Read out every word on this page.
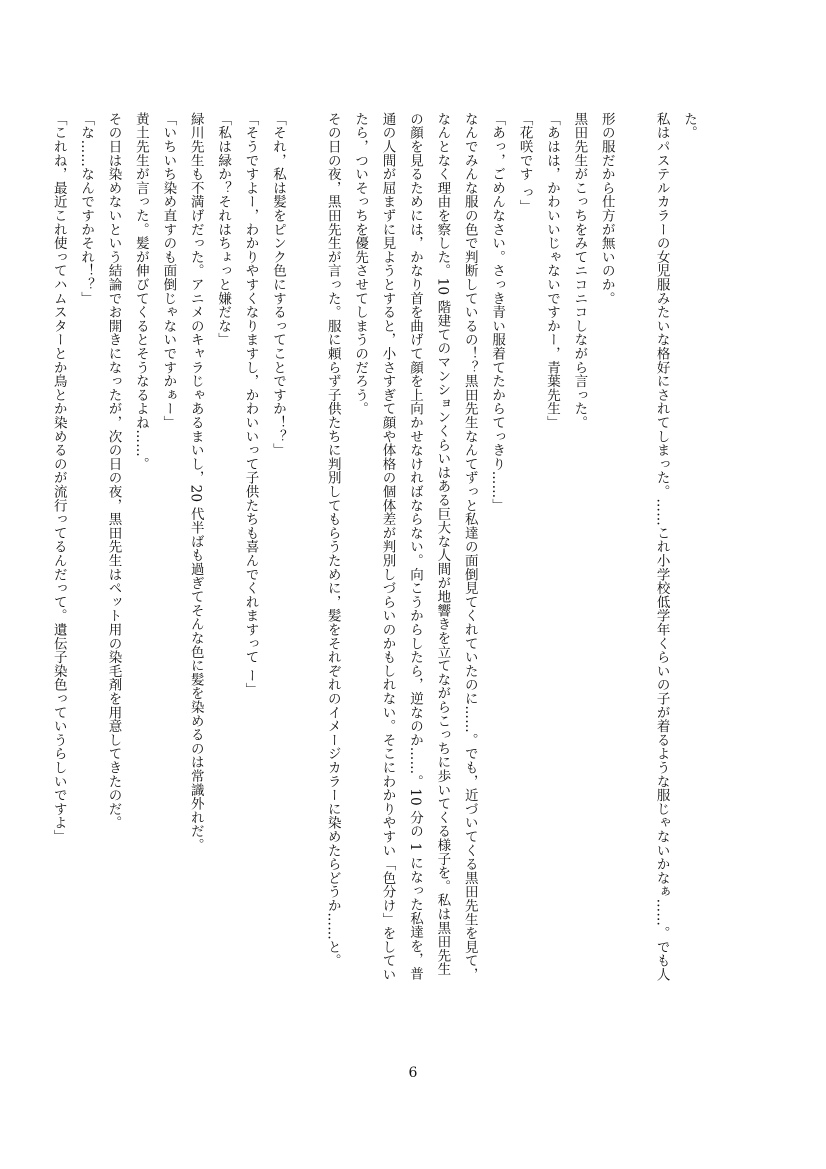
た。
私はパステルカラーの女児服みたいな格好にされてしまった。……これ小学校低学年くらいの子が着るような服じゃないかなぁ……。でも人
形の服だから仕方が無いのか。
黒田先生がこっちをみてニコニコしながら言った。
「あはは，かわいいじゃないですかー，青葉先生」
「花咲です っ」
「あっ，ごめんなさい。さっき青い服着てたからてっきり……」
なんでみんな服の色で判断しているの！？黒田先生なんてずっと私達の面倒見てくれていたのに……。でも，近づいてくる黒田先生を見て，
なんとなく理由を察した。10 階建てのマンションくらいはある巨大な人間が地響きを立てながらこっちに歩いてくる様子を。私は黒田先生
の顔を見るためには，かなり首を曲げて顔を上向かせなければならない。向こうからしたら，逆なのか……。10 分の 1 になった私達を，普
通の人間が屈まずに見ようとすると，小さすぎて顔や体格の個体差が判別しづらいのかもしれない。そこにわかりやすい「色分け」をしてい
たら，ついそっちを優先させてしまうのだろう。
その日の夜，黒田先生が言った。服に頼らず子供たちに判別してもらうために，髪をそれぞれのイメージカラーに染めたらどうか……と。
「それ，私は髪をピンク色にするってことですか！？」
「そうですよー，わかりやすくなりますし，かわいいって子供たちも喜んでくれますって ー」
「私は緑か？それはちょっと嫌だな」
緑川先生も不満げだった。アニメのキャラじゃあるまいし，20 代半ばも過ぎてそんな色に髪を染めるのは常識外れだ。
「いちいち染め直すのも面倒じゃないですかぁー」
黄土先生が言った。髪が伸びてくるとそうなるよね……。
その日は染めないという結論でお開きになったが，次の日の夜，黒田先生はペット用の染毛剤を用意してきたのだ。
「な……なんですかそれ！？」
「これね，最近これ使ってハムスターとか鳥とか染めるのが流行ってるんだって。遺伝子染色っていうらしいですよ」
6
